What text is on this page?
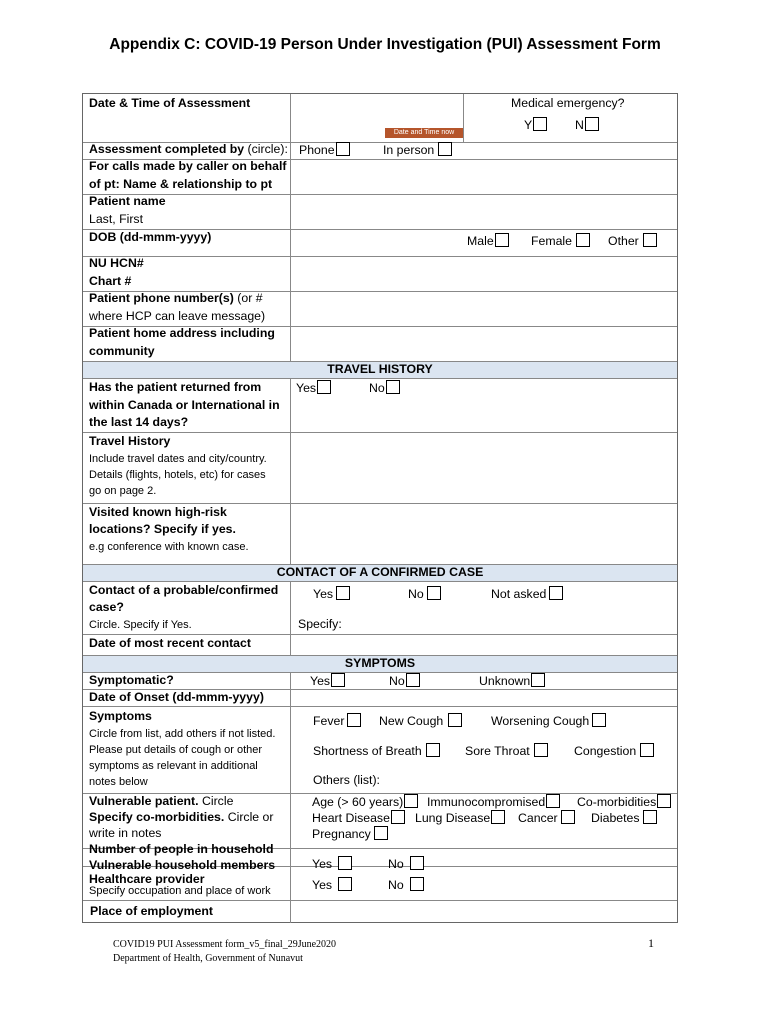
Appendix C: COVID-19 Person Under Investigation (PUI) Assessment Form
Date & Time of Assessment
Date and Time now
Medical emergency?
Y	N
Assessment completed by (circle): Phone	In person
For calls made by caller on behalf
of pt: Name & relationship to pt
Patient name
Last, First
DOB (dd-mmm-yyyy)	Male	Female	Other
NU HCN#
Chart #
Patient phone number(s) (or #
where HCP can leave message)
Patient home address including
community
TRAVEL HISTORY
Has the patient returned from
within Canada or International in
the last 14 days?
Yes	No
Travel History
Include travel dates and city/country.
Details (flights, hotels, etc) for cases
go on page 2.
Visited known high-risk
locations? Specify if yes.
e.g conference with known case.
CONTACT OF A CONFIRMED CASE
Contact of a probable/confirmed
case?
Circle. Specify if Yes.
Yes	No	Not asked
Specify:
Date of most recent contact
SYMPTOMS
Symptomatic?	Yes	No	Unknown
Date of Onset (dd-mmm-yyyy)
Symptoms
Circle from list, add others if not listed.
Please put details of cough or other
symptoms as relevant in additional
notes below
Fever	New Cough	Worsening Cough
Shortness of Breath	Sore Throat	Congestion
Others (list):
Vulnerable patient. Circle
Specify co-morbidities. Circle or
write in notes
Age (> 60 years)	Immunocompromised	Co-morbidities
Heart Disease	Lung Disease	Cancer	Diabetes
Pregnancy
Number of people in household
Vulnerable household members	Yes	No
Healthcare provider
Specify occupation and place of work	Yes	No
Place of employment
COVID19 PUI Assessment form_v5_final_29June2020
Department of Health, Government of Nunavut
1
